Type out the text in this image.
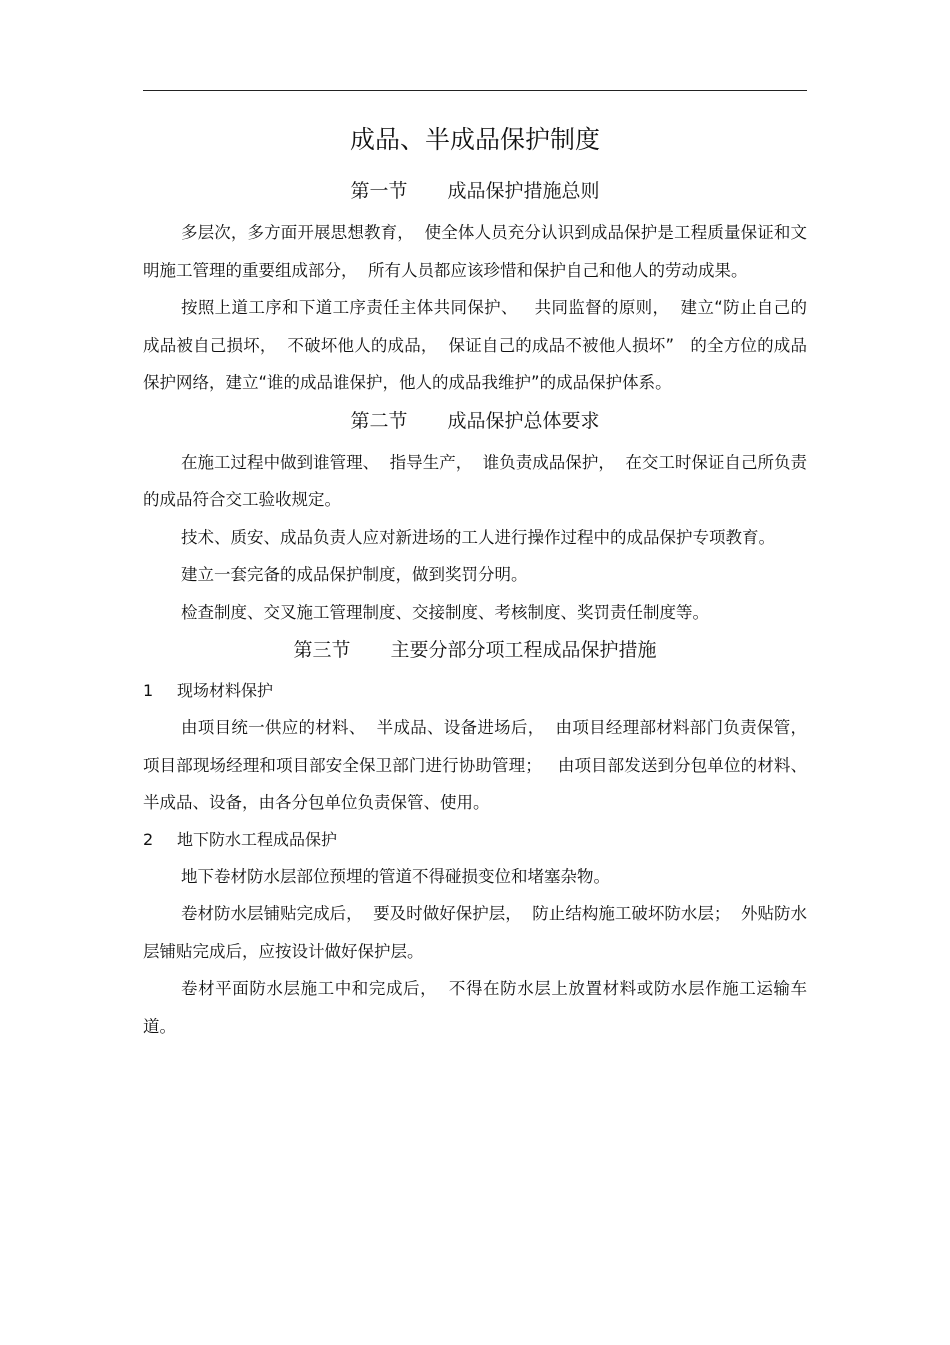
成品、半成品保护制度
第一节 成品保护措施总则

多层次，多方面开展思想教育，  使全体人员充分认识到成品保护是工程质量保证和文明施工管理的重要组成部分，  所有人员都应该珍惜和保护自己和他人的劳动成果。

按照上道工序和下道工序责任主体共同保护、   共同监督的原则，  建立“防止自己的成品被自己损坏，  不破坏他人的成品，  保证自己的成品不被他人损坏”   的全方位的成品保护网络，建立“谁的成品谁保护，他人的成品我维护”的成品保护体系。

第二节 成品保护总体要求

在施工过程中做到谁管理、  指导生产，  谁负责成品保护，  在交工时保证自己所负责的成品符合交工验收规定。

技术、质安、成品负责人应对新进场的工人进行操作过程中的成品保护专项教育。

建立一套完备的成品保护制度，做到奖罚分明。

检查制度、交叉施工管理制度、交接制度、考核制度、奖罚责任制度等。

第三节 主要分部分项工程成品保护措施

1 现场材料保护

由项目统一供应的材料、  半成品、设备进场后，  由项目经理部材料部门负责保管，项目部现场经理和项目部安全保卫部门进行协助管理；   由项目部发送到分包单位的材料、半成品、设备，由各分包单位负责保管、使用。

2 地下防水工程成品保护

地下卷材防水层部位预埋的管道不得碰损变位和堵塞杂物。

卷材防水层铺贴完成后，  要及时做好保护层，  防止结构施工破坏防水层；  外贴防水层铺贴完成后，应按设计做好保护层。

卷材平面防水层施工中和完成后，  不得在防水层上放置材料或防水层作施工运输车道。
